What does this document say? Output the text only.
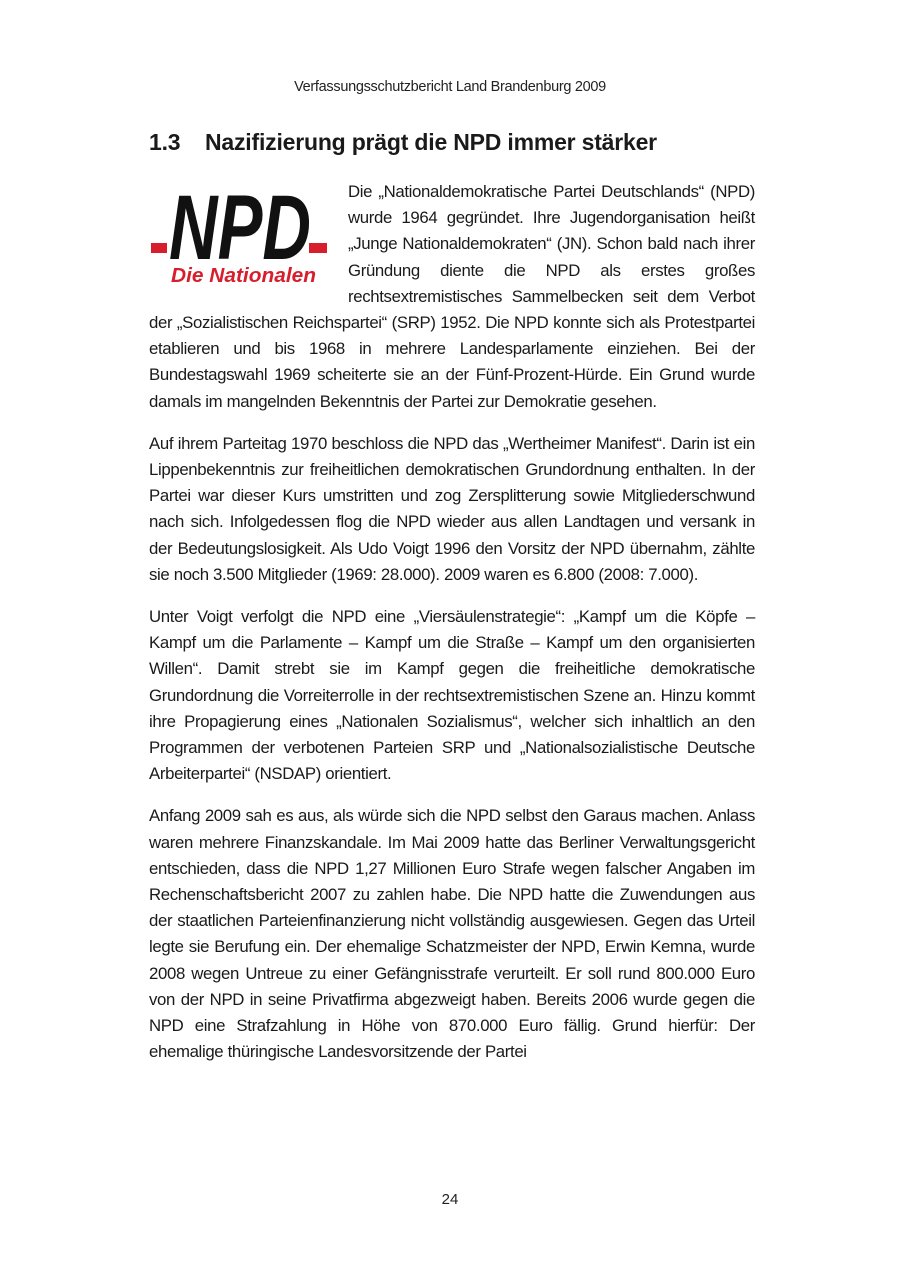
Verfassungsschutzbericht Land Brandenburg 2009
1.3 Nazifizierung prägt die NPD immer stärker
NPD
Die Nationalen

Die „Nationaldemokratische Partei Deutschlands“ (NPD) wurde 1964 gegründet. Ihre Jugendorganisation heißt „Junge Nationaldemokraten“ (JN). Schon bald nach ihrer Gründung diente die NPD als erstes großes rechtsextremistisches Sammelbecken seit dem Verbot der „Sozialistischen Reichspartei“ (SRP) 1952. Die NPD konnte sich als Protestpartei etablieren und bis 1968 in mehrere Landesparlamente einziehen. Bei der Bundestagswahl 1969 scheiterte sie an der Fünf-Prozent-Hürde. Ein Grund wurde damals im mangelnden Bekenntnis der Partei zur Demokratie gesehen.

Auf ihrem Parteitag 1970 beschloss die NPD das „Wertheimer Manifest“. Darin ist ein Lippenbekenntnis zur freiheitlichen demokratischen Grundordnung enthalten. In der Partei war dieser Kurs umstritten und zog Zersplitterung sowie Mitgliederschwund nach sich. Infolgedessen flog die NPD wieder aus allen Landtagen und versank in der Bedeutungslosigkeit. Als Udo Voigt 1996 den Vorsitz der NPD übernahm, zählte sie noch 3.500 Mitglieder (1969: 28.000). 2009 waren es 6.800 (2008: 7.000).

Unter Voigt verfolgt die NPD eine „Viersäulenstrategie“: „Kampf um die Köpfe – Kampf um die Parlamente – Kampf um die Straße – Kampf um den organisierten Willen“. Damit strebt sie im Kampf gegen die freiheitliche demokratische Grundordnung die Vorreiterrolle in der rechtsextremistischen Szene an. Hinzu kommt ihre Propagierung eines „Nationalen Sozialismus“, welcher sich inhaltlich an den Programmen der verbotenen Parteien SRP und „Nationalsozialistische Deutsche Arbeiterpartei“ (NSDAP) orientiert.

Anfang 2009 sah es aus, als würde sich die NPD selbst den Garaus machen. Anlass waren mehrere Finanzskandale. Im Mai 2009 hatte das Berliner Verwaltungsgericht entschieden, dass die NPD 1,27 Millionen Euro Strafe wegen falscher Angaben im Rechenschaftsbericht 2007 zu zahlen habe. Die NPD hatte die Zuwendungen aus der staatlichen Parteienfinanzierung nicht vollständig ausgewiesen. Gegen das Urteil legte sie Berufung ein. Der ehemalige Schatzmeister der NPD, Erwin Kemna, wurde 2008 wegen Untreue zu einer Gefängnisstrafe verurteilt. Er soll rund 800.000 Euro von der NPD in seine Privatfirma abgezweigt haben. Bereits 2006 wurde gegen die NPD eine Strafzahlung in Höhe von 870.000 Euro fällig. Grund hierfür: Der ehemalige thüringische Landesvorsitzende der Partei

24
